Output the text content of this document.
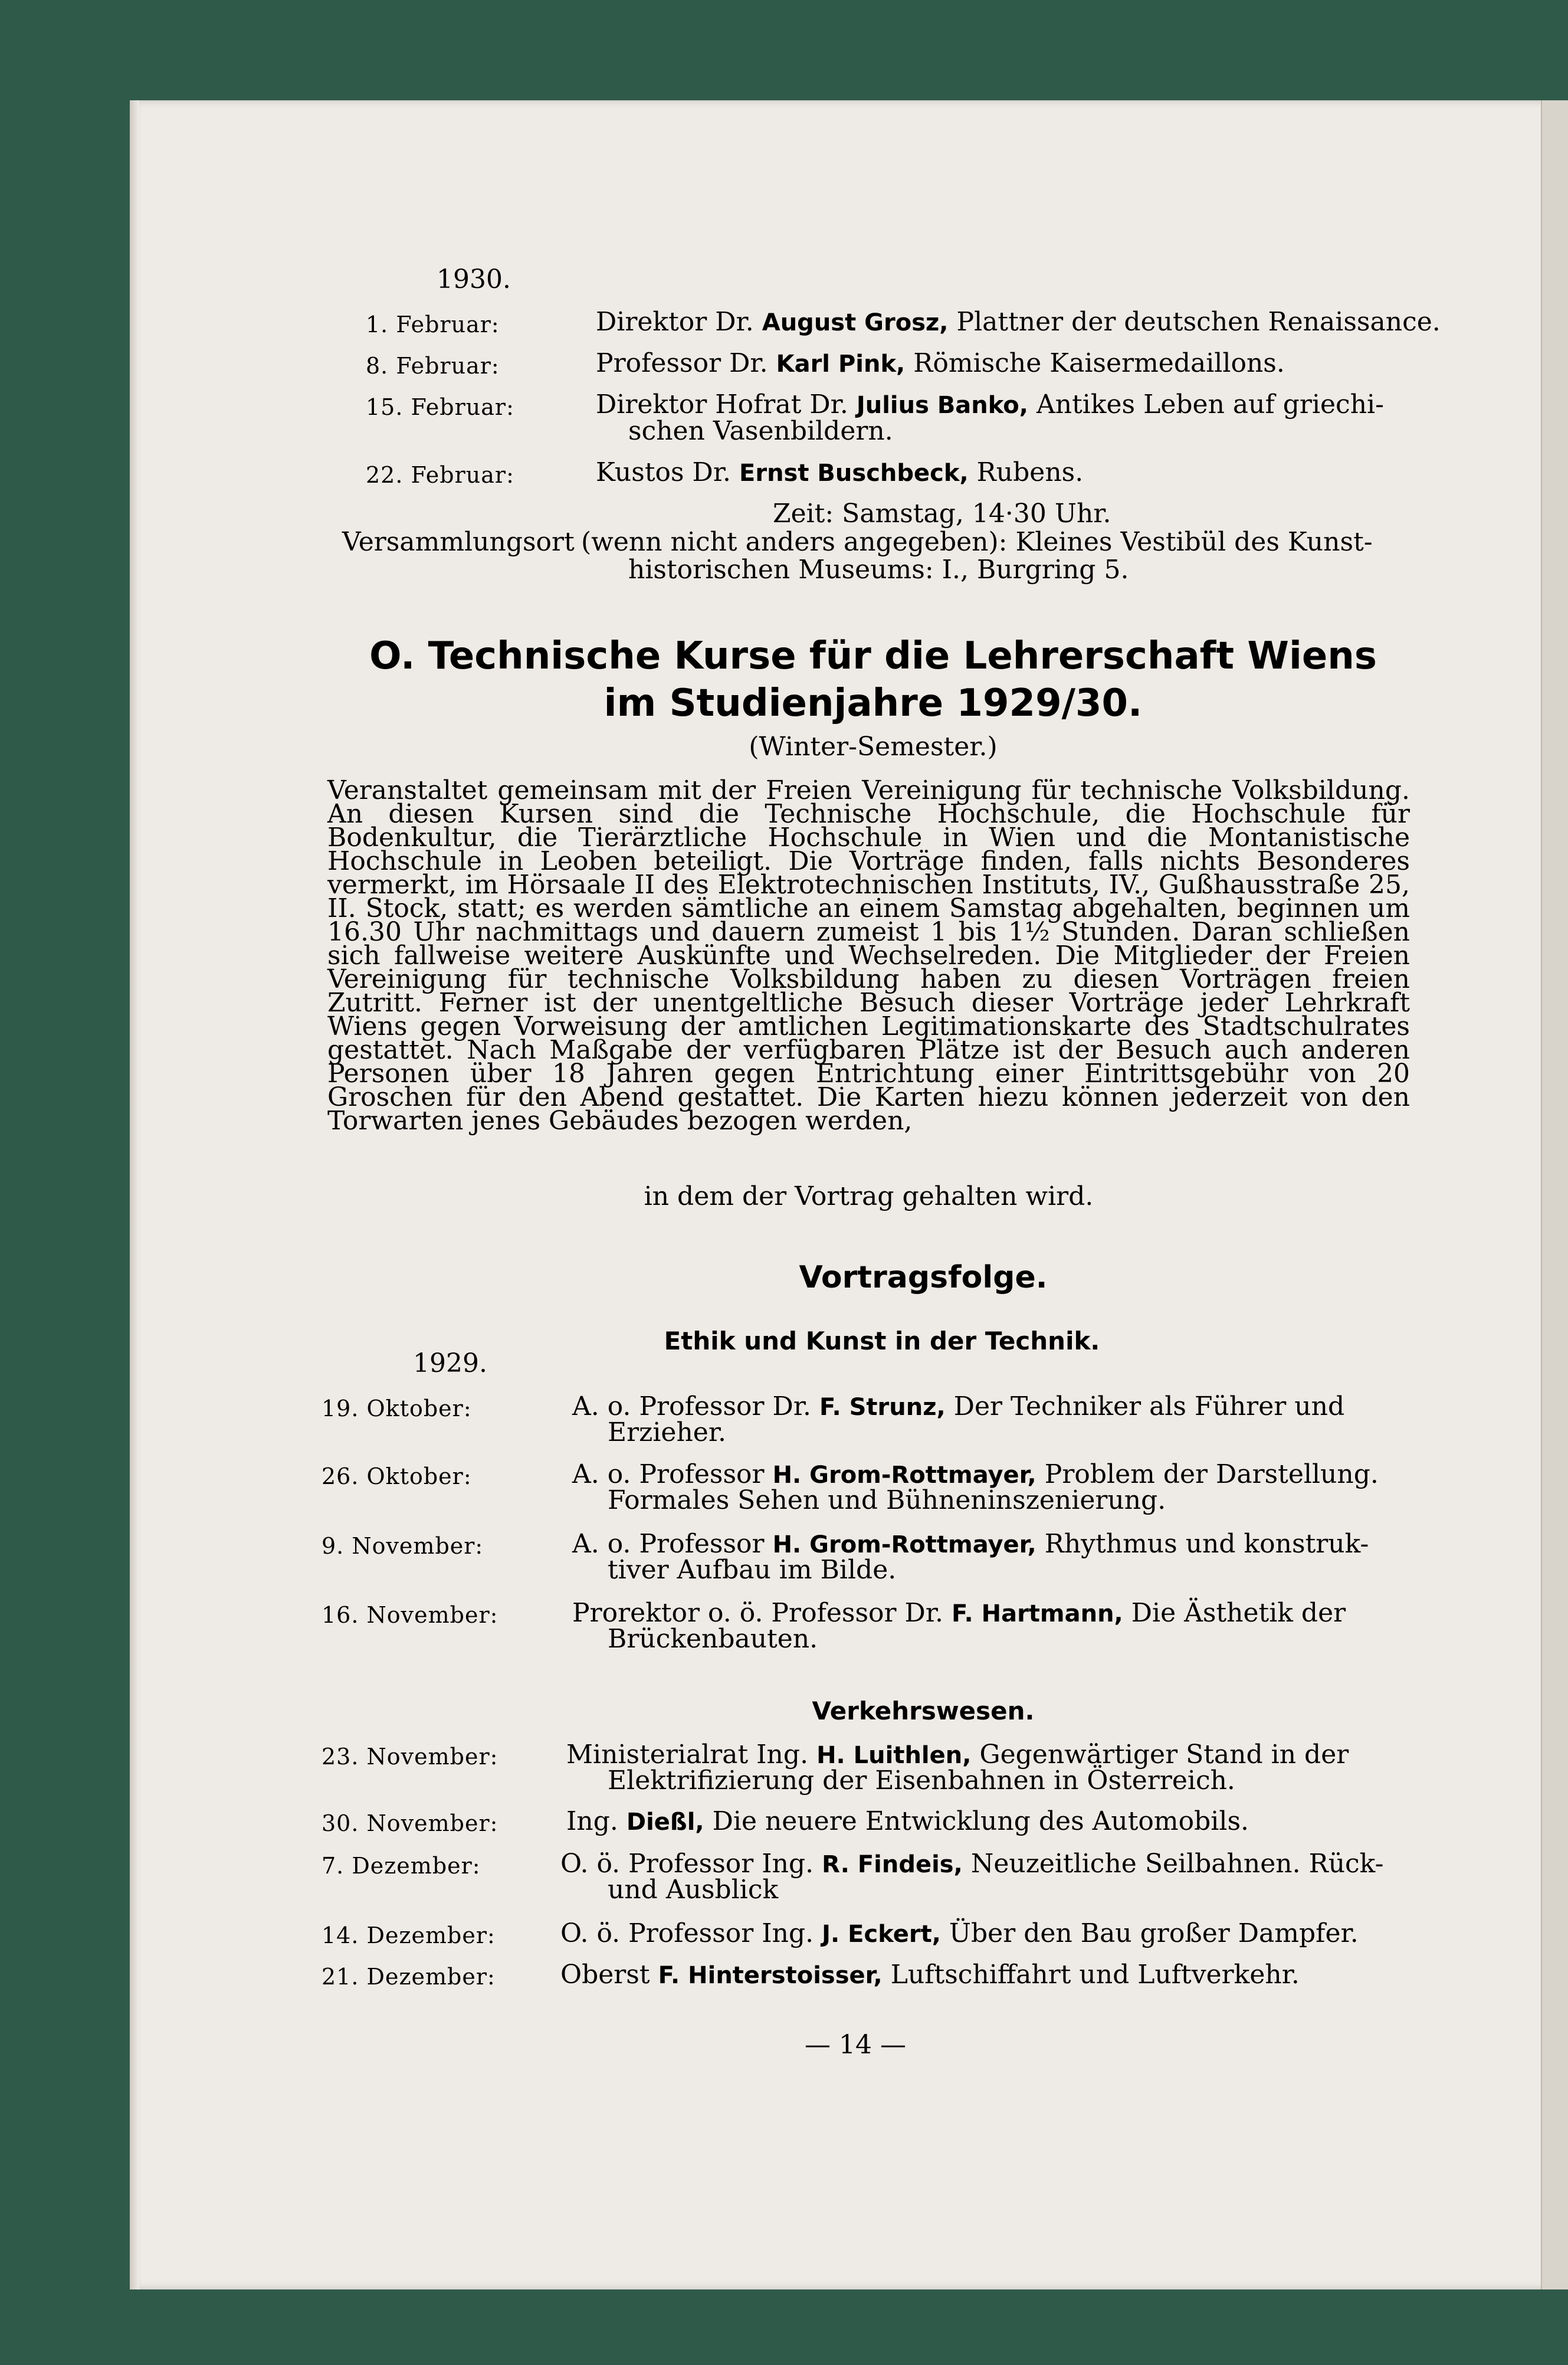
1930.
1. Februar:	Direktor Dr. August Grosz, Plattner der deutschen Renaissance.
8. Februar:	Professor Dr. Karl Pink, Römische Kaisermedaillons.
15. Februar:	Direktor Hofrat Dr. Julius Banko, Antikes Leben auf griechi-
schen Vasenbildern.
22. Februar:	Kustos Dr. Ernst Buschbeck, Rubens.
Zeit: Samstag, 14·30 Uhr.
Versammlungsort (wenn nicht anders angegeben): Kleines Vestibül des Kunst-
historischen Museums: I., Burgring 5.
O. Technische Kurse für die Lehrerschaft Wiens
im Studienjahre 1929/30.
(Winter-Semester.)
Veranstaltet gemeinsam mit der Freien Vereinigung für technische Volksbildung. An diesen Kursen sind die Technische Hochschule, die Hochschule für Bodenkultur, die Tierärztliche Hochschule in Wien und die Montanistische Hochschule in Leoben beteiligt. Die Vorträge finden, falls nichts Besonderes vermerkt, im Hörsaale II des Elektrotechnischen Instituts, IV., Gußhausstraße 25, II. Stock, statt; es werden sämtliche an einem Samstag abgehalten, beginnen um 16.30 Uhr nachmittags und dauern zumeist 1 bis 1½ Stunden. Daran schließen sich fallweise weitere Auskünfte und Wechselreden. Die Mitglieder der Freien Vereinigung für technische Volksbildung haben zu diesen Vorträgen freien Zutritt. Ferner ist der unentgeltliche Besuch dieser Vorträge jeder Lehrkraft Wiens gegen Vorweisung der amtlichen Legitimationskarte des Stadtschulrates gestattet. Nach Maßgabe der verfügbaren Plätze ist der Besuch auch anderen Personen über 18 Jahren gegen Entrichtung einer Eintrittsgebühr von 20 Groschen für den Abend gestattet. Die Karten hiezu können jederzeit von den Torwarten jenes Gebäudes bezogen werden,
in dem der Vortrag gehalten wird.
Vortragsfolge.
1929.
Ethik und Kunst in der Technik.
19. Oktober:	A. o. Professor Dr. F. Strunz, Der Techniker als Führer und
Erzieher.
26. Oktober:	A. o. Professor H. Grom-Rottmayer, Problem der Darstellung.
Formales Sehen und Bühneninszenierung.
9. November:	A. o. Professor H. Grom-Rottmayer, Rhythmus und konstruk-
tiver Aufbau im Bilde.
16. November:	Prorektor o. ö. Professor Dr. F. Hartmann, Die Ästhetik der
Brückenbauten.
Verkehrswesen.
23. November:	Ministerialrat Ing. H. Luithlen, Gegenwärtiger Stand in der
Elektrifizierung der Eisenbahnen in Österreich.
30. November:	Ing. Dießl, Die neuere Entwicklung des Automobils.
7. Dezember:	O. ö. Professor Ing. R. Findeis, Neuzeitliche Seilbahnen. Rück-
und Ausblick
14. Dezember:	O. ö. Professor Ing. J. Eckert, Über den Bau großer Dampfer.
21. Dezember:	Oberst F. Hinterstoisser, Luftschiffahrt und Luftverkehr.
— 14 —
